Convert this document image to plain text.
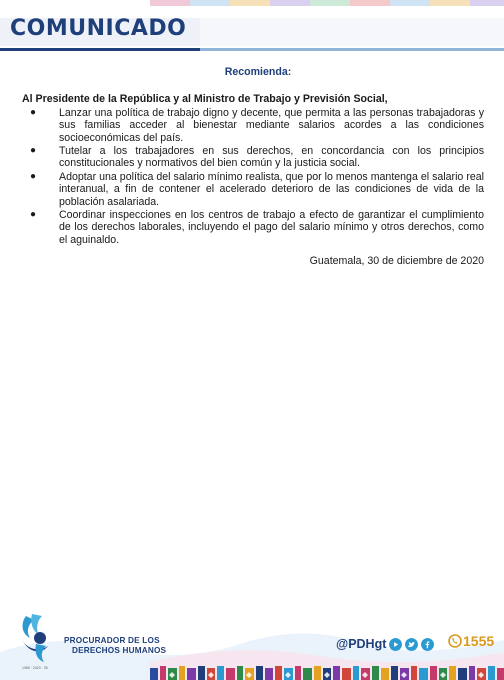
COMUNICADO
Recomienda:
Al Presidente de la República y al Ministro de Trabajo y Previsión Social,
● Lanzar una política de trabajo digno y decente, que permita a las personas trabajadoras y sus familias acceder al bienestar mediante salarios acordes a las condiciones socioeconómicas del país.
● Tutelar a los trabajadores en sus derechos, en concordancia con los principios constitucionales y normativos del bien común y la justicia social.
● Adoptar una política del salario mínimo realista, que por lo menos mantenga el salario real interanual, a fin de contener el acelerado deterioro de las condiciones de vida de la población asalariada.
● Coordinar inspecciones en los centros de trabajo a efecto de garantizar el cumplimiento de los derechos laborales, incluyendo el pago del salario mínimo y otros derechos, como el aguinaldo.
Guatemala, 30 de diciembre de 2020
PROCURADOR DE LOS
DERECHOS HUMANOS
1985 · 2020 · 35
@PDHgt	1555
